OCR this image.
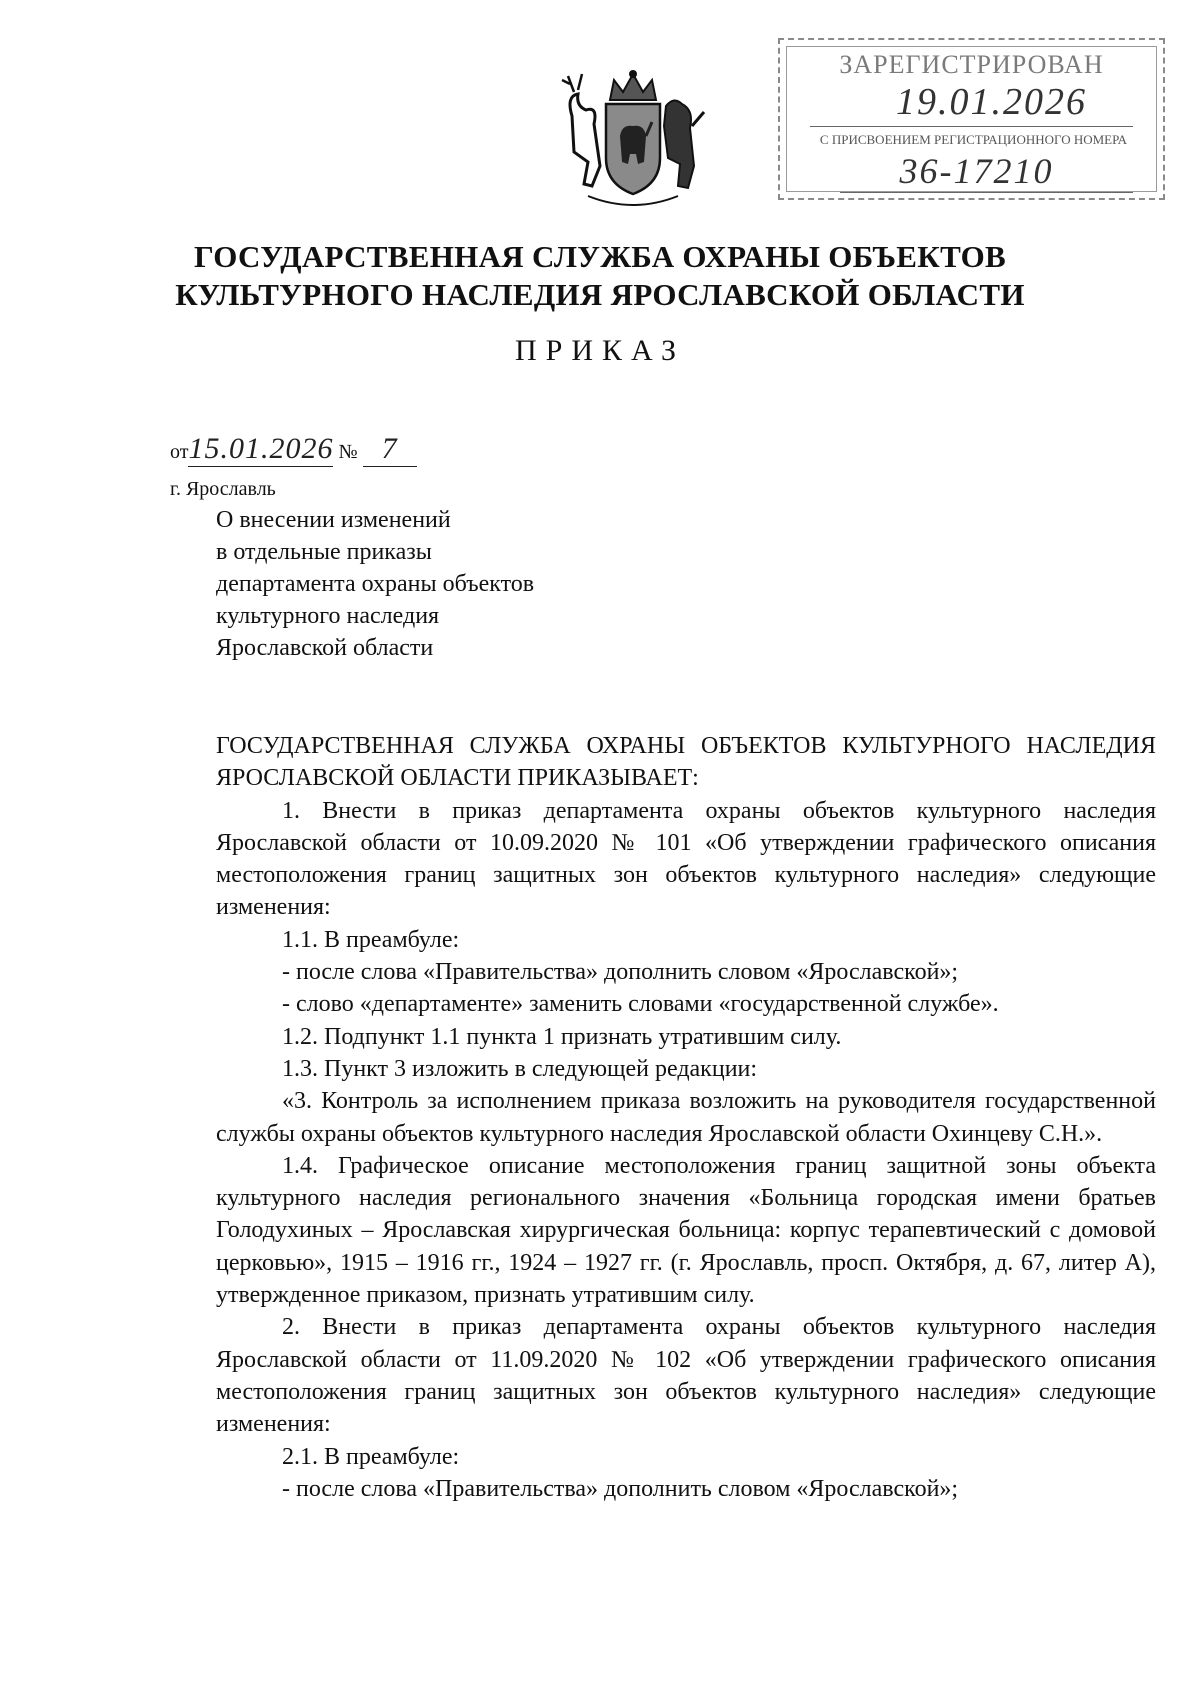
ЗАРЕГИСТРИРОВАН
19.01.2026
С ПРИСВОЕНИЕМ РЕГИСТРАЦИОННОГО НОМЕРА
36-17210
ГОСУДАРСТВЕННАЯ СЛУЖБА ОХРАНЫ ОБЪЕКТОВ
КУЛЬТУРНОГО НАСЛЕДИЯ ЯРОСЛАВСКОЙ ОБЛАСТИ
ПРИКАЗ
от15.01.2026 № 7
г. Ярославль
О внесении изменений
в отдельные приказы
департамента охраны объектов
культурного наследия
Ярославской области

ГОСУДАРСТВЕННАЯ СЛУЖБА ОХРАНЫ ОБЪЕКТОВ КУЛЬТУРНОГО НАСЛЕДИЯ ЯРОСЛАВСКОЙ ОБЛАСТИ ПРИКАЗЫВАЕТ:

1. Внести в приказ департамента охраны объектов культурного наследия Ярославской области от 10.09.2020 № 101 «Об утверждении графического описания местоположения границ защитных зон объектов культурного наследия» следующие изменения:

1.1. В преамбуле:

- после слова «Правительства» дополнить словом «Ярославской»;

- слово «департаменте» заменить словами «государственной службе».

1.2. Подпункт 1.1 пункта 1 признать утратившим силу.

1.3. Пункт 3 изложить в следующей редакции:

«3. Контроль за исполнением приказа возложить на руководителя государственной службы охраны объектов культурного наследия Ярославской области Охинцеву С.Н.».

1.4. Графическое описание местоположения границ защитной зоны объекта культурного наследия регионального значения «Больница городская имени братьев Голодухиных – Ярославская хирургическая больница: корпус терапевтический с домовой церковью», 1915 – 1916 гг., 1924 – 1927 гг. (г. Ярославль, просп. Октября, д. 67, литер А), утвержденное приказом, признать утратившим силу.

2. Внести в приказ департамента охраны объектов культурного наследия Ярославской области от 11.09.2020 № 102 «Об утверждении графического описания местоположения границ защитных зон объектов культурного наследия» следующие изменения:

2.1. В преамбуле:

- после слова «Правительства» дополнить словом «Ярославской»;
